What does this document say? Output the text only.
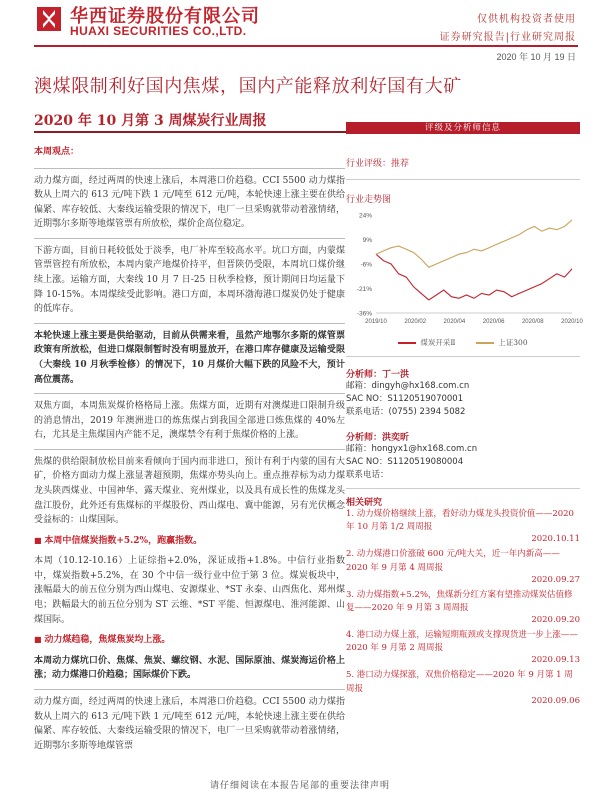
华西证券股份有限公司
HUAXI SECURITIES CO.,LTD.
仅供机构投资者使用
证券研究报告|行业研究周报
2020 年 10 月 19 日
澳煤限制利好国内焦煤，国内产能释放利好国有大矿
2020 年 10 月第 3 周煤炭行业周报

本周观点：

动力煤方面，经过两周的快速上涨后，本周港口价趋稳。CCI 5500 动力煤指数从上周六的 613 元/吨下跌 1 元/吨至 612 元/吨，本轮快速上涨主要在供给偏紧、库存较低、大秦线运输受限的情况下，电厂一旦采购就带动着涨情绪，近期鄂尔多斯等地煤管票有所放松，煤价企高位稳定。

下游方面，目前日耗较低处于淡季，电厂补库至较高水平。坑口方面，内蒙煤管票管控有所放松，本周内蒙产地煤价持平，但晋陕仍受限，本周坑口煤价继续上涨。运输方面，大秦线 10 月 7 日-25 日秋季检修，预计期间日均运量下降 10-15%。本周煤续受此影响。港口方面，本周环渤海港口煤炭仍处于健康的低库存。

本轮快速上涨主要是供给驱动，目前从供需来看，虽然产地鄂尔多斯的煤管票政策有所放松，但进口煤限制暂时没有明显放开，在港口库存健康及运输受限（大秦线 10 月秋季检修）的情况下，10 月煤价大幅下跌的风险不大，预计高位震荡。

双焦方面，本周焦炭煤价格格局上涨。焦煤方面，近期有对澳煤进口限制升级的消息情出，2019 年澳洲进口的炼焦煤占到我国全部进口炼焦煤的 40%左右，尤其是主焦煤国内产能不足，澳煤禁令有利于焦煤价格的上涨。

焦煤的供给限制放松目前来看倾向于国内而非进口，预计有利于内蒙的国有大矿，价格方面动力煤上涨显著超预期，焦煤亦势头向上。重点推荐标为动力煤龙头陕西煤业、中国神华、露天煤业、兖州煤业，以及具有成长性的焦煤龙头盘江股份，此外还有焦煤标的平煤股份、西山煤电、冀中能源，另有光伏概念受益标的：山煤国际。

■ 本周中信煤炭指数+5.2%，跑赢指数。

本周（10.12-10.16）上证综指+2.0%，深证成指+1.8%。中信行业指数中，煤炭指数+5.2%，在 30 个中信一级行业中位于第 3 位。煤炭板块中，涨幅最大的前五位分别为西山煤电、安源煤业、*ST 永泰、山西焦化、郑州煤电；跌幅最大的前五位分别为 ST 云维、*ST 平能、恒源煤电、淮河能源、山煤国际。

■ 动力煤趋稳，焦煤焦炭均上涨。

本周动力煤坑口价、焦煤、焦炭、螺纹钢、水泥、国际原油、煤炭海运价格上涨；动力煤港口价趋稳；国际煤价下跌。

动力煤方面，经过两周的快速上涨后，本周港口价趋稳。CCI 5500 动力煤指数从上周六的 613 元/吨下跌 1 元/吨至 612 元/吨，本轮快速上涨主要在供给偏紧、库存较低、大秦线运输受限的情况下，电厂一旦采购就带动着涨情绪，近期鄂尔多斯等地煤管票

评级及分析师信息
行业评级：推荐
行业走势图
24%
9%
-6%
-21%
-36%
2019/10	2020/02	2020/04	2020/06	2020/08	2020/10
煤炭开采Ⅱ	上证300
分析师：丁一洪
邮箱：dingyh@hx168.com.cn
SAC NO：S1120519070001
联系电话：(0755) 2394 5082
分析师：洪奕昕
邮箱：hongyx1@hx168.com.cn
SAC NO：S1120519080004
联系电话：
相关研究
1. 动力煤价格继续上涨，看好动力煤龙头投资价值——2020 年 10 月第 1/2 周周报
2020.10.11
2. 动力煤港口价涨破 600 元/吨大关，近一年内新高——2020 年 9 月第 4 周周报
2020.09.27
3. 动力煤指数+5.2%，焦煤新分红方案有望推动煤炭估值修复——2020 年 9 月第 3 周周报
2020.09.20
4. 港口动力煤上涨，运输短期瓶颈或支撑现货进一步上涨——2020 年 9 月第 2 周周报
2020.09.13
5. 港口动力煤探涨，双焦价格稳定——2020 年 9 月第 1 周周报
2020.09.06
请仔细阅读在本报告尾部的重要法律声明
